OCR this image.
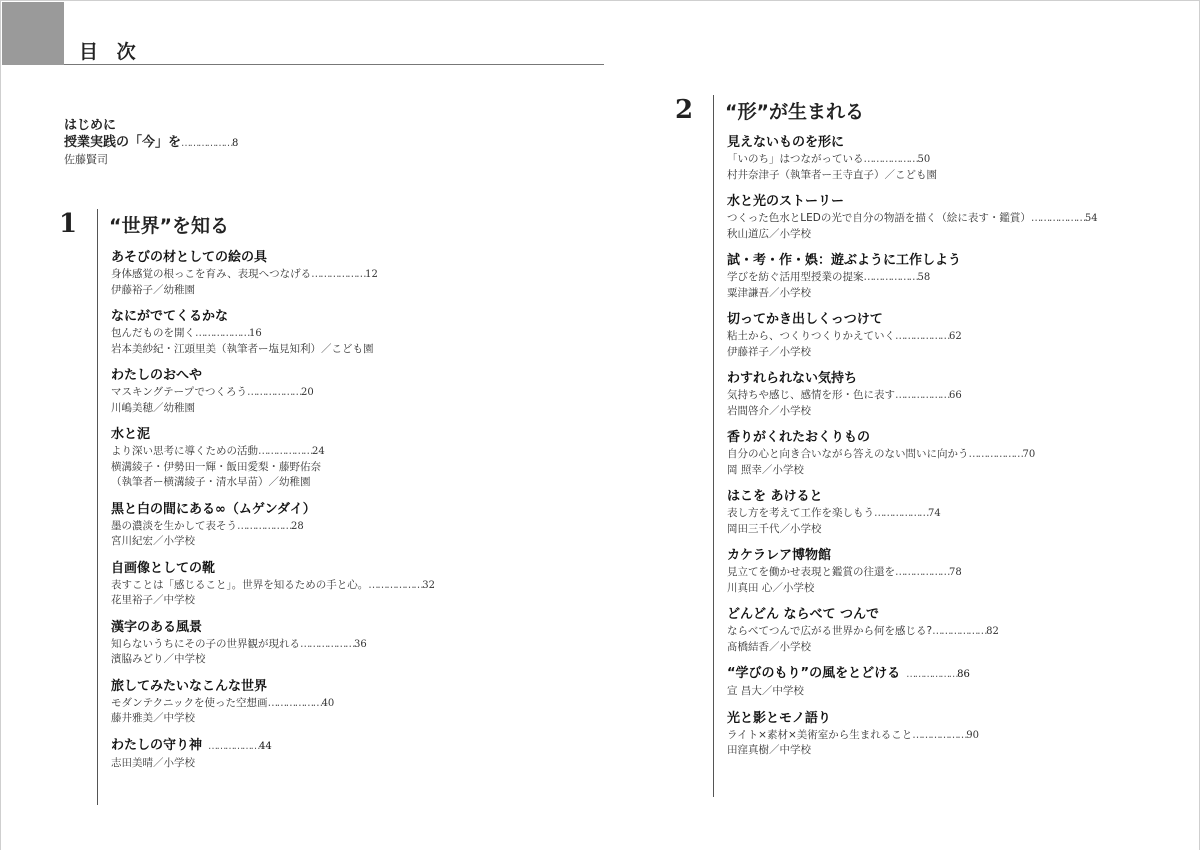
目 次
はじめに
授業実践の「今」を………………8
佐藤賢司
1 “世界”を知る
あそびの材としての絵の具
身体感覚の根っこを育み、表現へつなげる………………12
伊藤裕子／幼稚園
なにがでてくるかな
包んだものを開く………………16
岩本美紗紀・江頭里美（執筆者ー塩見知利）／こども園
わたしのおへや
マスキングテープでつくろう………………20
川嶋美穂／幼稚園
水と泥
より深い思考に導くための活動………………24
横溝綾子・伊勢田一輝・飯田愛梨・藤野佑奈
（執筆者ー横溝綾子・清水早苗）／幼稚園
黒と白の間にある∞（ムゲンダイ）
墨の濃淡を生かして表そう………………28
宮川紀宏／小学校
自画像としての靴
表すことは「感じること」。世界を知るための手と心。………………32
花里裕子／中学校
漢字のある風景
知らないうちにその子の世界観が現れる………………36
濱脇みどり／中学校
旅してみたいなこんな世界
モダンテクニックを使った空想画………………40
藤井雅美／中学校
わたしの守り神 ………………44
志田美晴／小学校
2 “形”が生まれる
見えないものを形に
「いのち」はつながっている………………50
村井奈津子（執筆者ー王寺直子）／こども園
水と光のストーリー
つくった色水とLEDの光で自分の物語を描く（絵に表す・鑑賞）………………54
秋山道広／小学校
試・考・作・娯：遊ぶように工作しよう
学びを紡ぐ活用型授業の提案………………58
粟津謙吾／小学校
切ってかき出しくっつけて
粘土から、つくりつくりかえていく………………62
伊藤祥子／小学校
わすれられない気持ち
気持ちや感じ、感情を形・色に表す………………66
岩間啓介／小学校
香りがくれたおくりもの
自分の心と向き合いながら答えのない問いに向かう………………70
岡 照幸／小学校
はこを あけると
表し方を考えて工作を楽しもう………………74
岡田三千代／小学校
カケラレア博物館
見立てを働かせ表現と鑑賞の往還を………………78
川真田 心／小学校
どんどん ならべて つんで
ならべてつんで広がる世界から何を感じる?………………82
髙橋結香／小学校
“学びのもり”の風をとどける ………………86
宣 昌大／中学校
光と影とモノ語り
ライト×素材×美術室から生まれること………………90
田窪真樹／中学校
